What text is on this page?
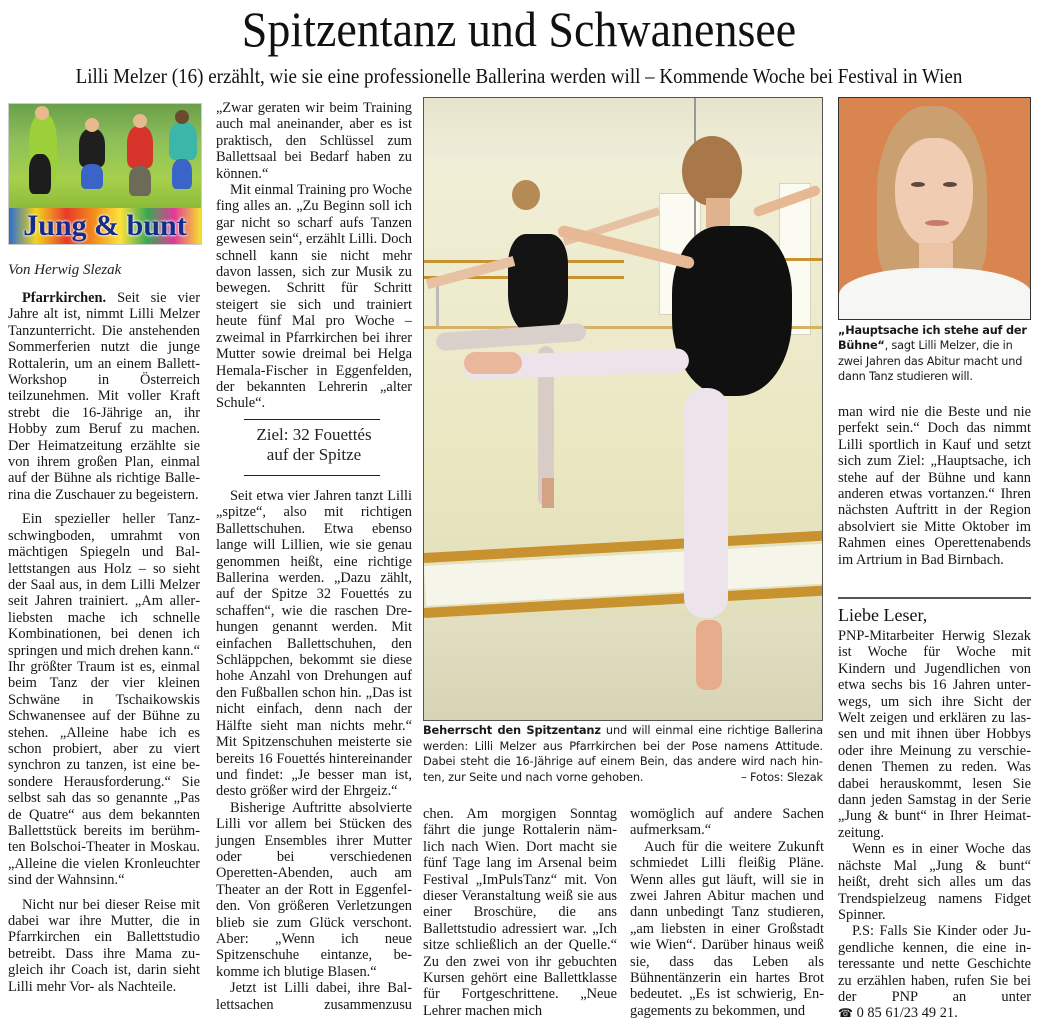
Spitzentanz und Schwanensee
Lilli Melzer (16) erzählt, wie sie eine professionelle Ballerina werden will – Kommende Woche bei Festival in Wien
Jung & bunt
Von Herwig Slezak

Pfarrkirchen. Seit sie vier Jahre alt ist, nimmt Lilli Melzer Tanzunterricht. Die anstehenden Sommerferien nutzt die junge Rottalerin, um an einem Ballett-Workshop in Österreich teilzunehmen. Mit voller Kraft strebt die 16-Jährige an, ihr Hobby zum Beruf zu machen. Der Heimatzeitung erzählte sie von ihrem großen Plan, einmal auf der Bühne als richtige Ballerina die Zuschauer zu begeistern.

Ein spezieller heller Tanzschwingboden, umrahmt von mächtigen Spiegeln und Ballettstangen aus Holz – so sieht der Saal aus, in dem Lilli Melzer seit Jahren trainiert. „Am allerliebsten mache ich schnelle Kombinationen, bei denen ich springen und mich drehen kann.“ Ihr größter Traum ist es, einmal beim Tanz der vier kleinen Schwäne in Tschaikowskis Schwanensee auf der Bühne zu stehen. „Alleine habe ich es schon probiert, aber zu viert synchron zu tanzen, ist eine besondere Herausforderung.“ Sie selbst sah das so genannte „Pas de Quatre“ aus dem bekannten Ballettstück bereits im berühmten Bolschoi-Theater in Moskau. „Alleine die vielen Kronleuchter sind der Wahnsinn.“

Nicht nur bei dieser Reise mit dabei war ihre Mutter, die in Pfarrkirchen ein Ballettstudio betreibt. Dass ihre Mama zugleich ihr Coach ist, darin sieht Lilli mehr Vor- als Nachteile.

„Zwar geraten wir beim Training auch mal aneinander, aber es ist praktisch, den Schlüssel zum Ballettsaal bei Bedarf haben zu können.“

Mit einmal Training pro Woche fing alles an. „Zu Beginn soll ich gar nicht so scharf aufs Tanzen gewesen sein“, erzählt Lilli. Doch schnell kann sie nicht mehr davon lassen, sich zur Musik zu bewegen. Schritt für Schritt steigert sie sich und trainiert heute fünf Mal pro Woche – zweimal in Pfarrkirchen bei ihrer Mutter sowie dreimal bei Helga Hemala-Fischer in Eggenfelden, der bekannten Lehrerin „alter Schule“.

Ziel: 32 Fouettés
auf der Spitze

Seit etwa vier Jahren tanzt Lilli „spitze“, also mit richtigen Ballettschuhen. Etwa ebenso lange will Lillien, wie sie genau genommen heißt, eine richtige Ballerina werden. „Dazu zählt, auf der Spitze 32 Fouettés zu schaffen“, wie die raschen Drehungen genannt werden. Mit einfachen Ballettschuhen, den Schläppchen, bekommt sie diese hohe Anzahl von Drehungen auf den Fußballen schon hin. „Das ist nicht einfach, denn nach der Hälfte sieht man nichts mehr.“ Mit Spitzenschuhen meisterte sie bereits 16 Fouettés hintereinander und findet: „Je besser man ist, desto größer wird der Ehrgeiz.“

Bisherige Auftritte absolvierte Lilli vor allem bei Stücken des jungen Ensembles ihrer Mutter oder bei verschiedenen Operetten-Abenden, auch am Theater an der Rott in Eggenfelden. Von größeren Verletzungen blieb sie zum Glück verschont. Aber: „Wenn ich neue Spitzenschuhe eintanze, bekomme ich blutige Blasen.“

Jetzt ist Lilli dabei, ihre Ballettsachen zusammenzusu

Beherrscht den Spitzentanz und will einmal eine richtige Ballerina werden: Lilli Melzer aus Pfarrkirchen bei der Pose namens Attitude. Dabei steht die 16-Jährige auf einem Bein, das andere wird nach hinten, zur Seite und nach vorne gehoben.	– Fotos: Slezak

chen. Am morgigen Sonntag fährt die junge Rottalerin nämlich nach Wien. Dort macht sie fünf Tage lang im Arsenal beim Festival „ImPulsTanz“ mit. Von dieser Veranstaltung weiß sie aus einer Broschüre, die ans Ballettstudio adressiert war. „Ich sitze schließlich an der Quelle.“ Zu den zwei von ihr gebuchten Kursen gehört eine Ballettklasse für Fortgeschrittene. „Neue Lehrer machen mich

womöglich auf andere Sachen aufmerksam.“

Auch für die weitere Zukunft schmiedet Lilli fleißig Pläne. Wenn alles gut läuft, will sie in zwei Jahren Abitur machen und dann unbedingt Tanz studieren, „am liebsten in einer Großstadt wie Wien“. Darüber hinaus weiß sie, dass das Leben als Bühnentänzerin ein hartes Brot bedeutet. „Es ist schwierig, Engagements zu bekommen, und

„Hauptsache ich stehe auf der Bühne“, sagt Lilli Melzer, die in zwei Jahren das Abitur macht und dann Tanz studieren will.

man wird nie die Beste und nie perfekt sein.“ Doch das nimmt Lilli sportlich in Kauf und setzt sich zum Ziel: „Hauptsache, ich stehe auf der Bühne und kann anderen etwas vortanzen.“ Ihren nächsten Auftritt in der Region absolviert sie Mitte Oktober im Rahmen eines Operettenabends im Artrium in Bad Birnbach.

Liebe Leser,

PNP-Mitarbeiter Herwig Slezak ist Woche für Woche mit Kindern und Jugendlichen von etwa sechs bis 16 Jahren unterwegs, um sich ihre Sicht der Welt zeigen und erklären zu lassen und mit ihnen über Hobbys oder ihre Meinung zu verschiedenen Themen zu reden. Was dabei herauskommt, lesen Sie dann jeden Samstag in der Serie „Jung & bunt“ in Ihrer Heimatzeitung.

Wenn es in einer Woche das nächste Mal „Jung & bunt“ heißt, dreht sich alles um das Trendspielzeug namens Fidget Spinner.

P.S: Falls Sie Kinder oder Jugendliche kennen, die eine interessante und nette Geschichte zu erzählen haben, rufen Sie bei der PNP an unter

☎ 0 85 61/23 49 21.
